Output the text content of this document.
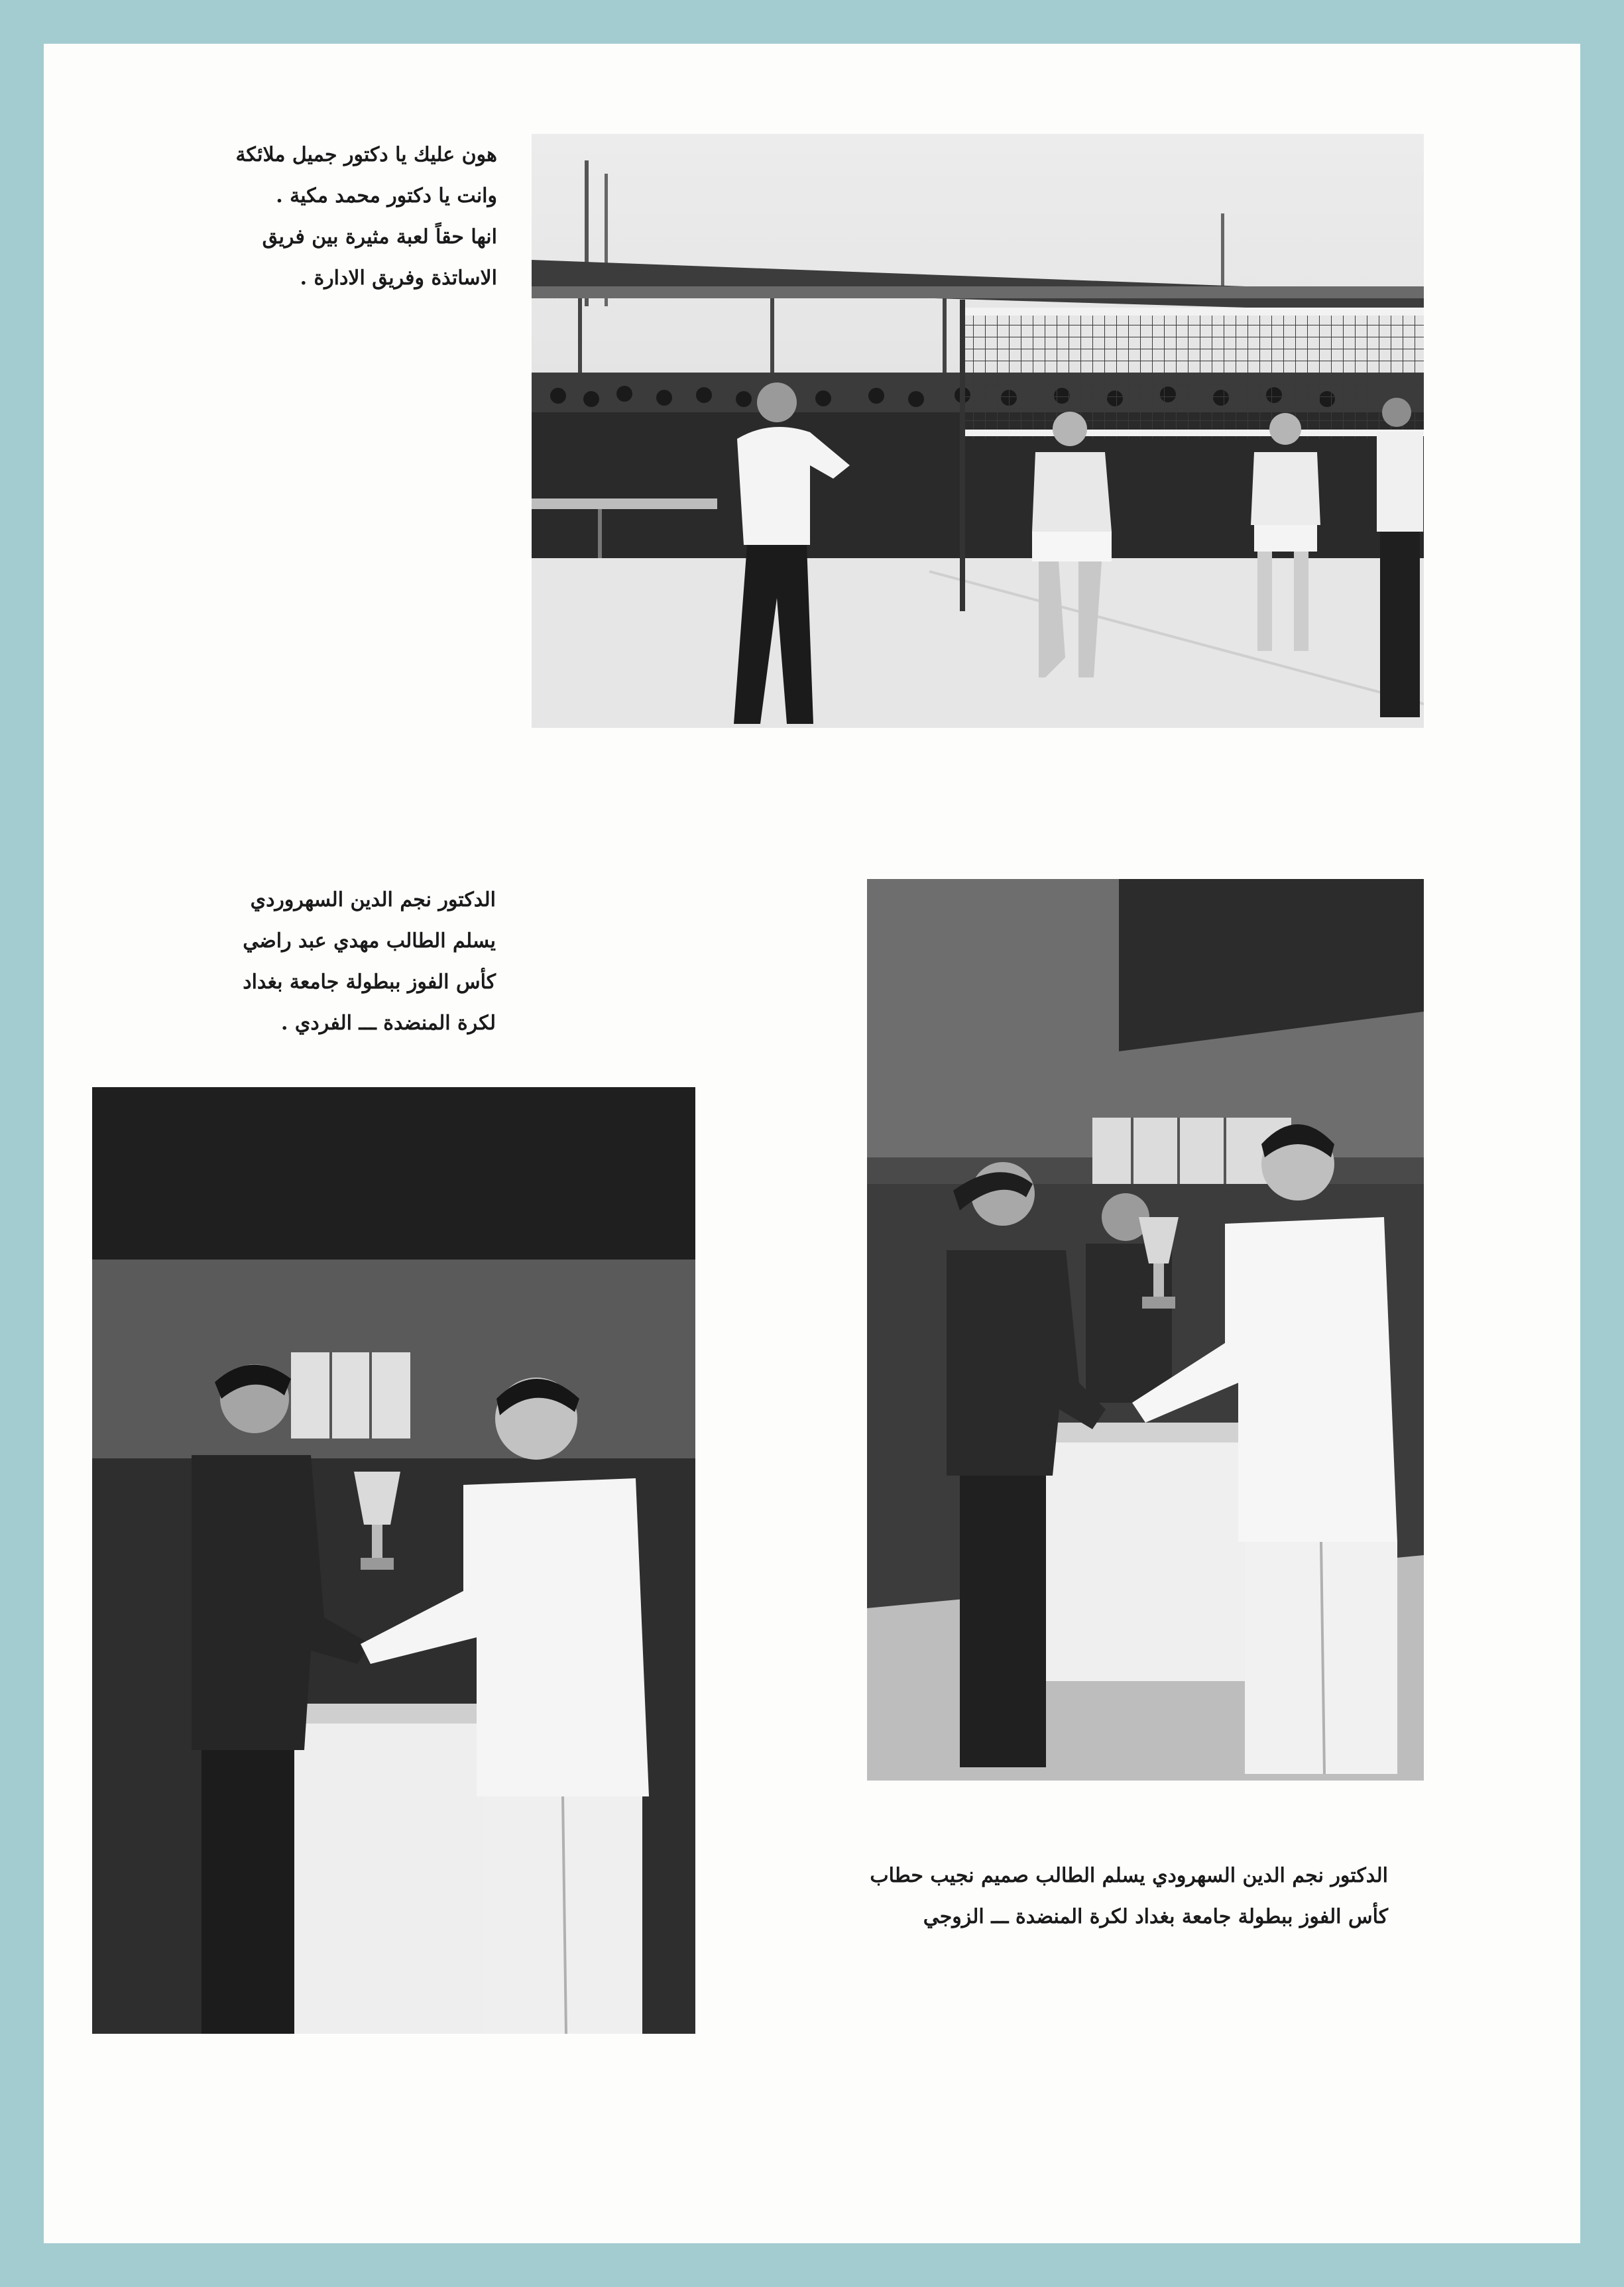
هون عليك يا دكتور جميل ملائكة
وانت يا دكتور محمد مكية .
انها حقاً لعبة مثيرة بين فريق
الاساتذة وفريق الادارة .
الدكتور نجم الدين السهروردي
يسلم الطالب مهدي عبد راضي
كأس الفوز ببطولة جامعة بغداد
لكرة المنضدة ـــ الفردي .
الدكتور نجم الدين السهرودي يسلم الطالب صميم نجيب حطاب
كأس الفوز ببطولة جامعة بغداد لكرة المنضدة ـــ الزوجي
